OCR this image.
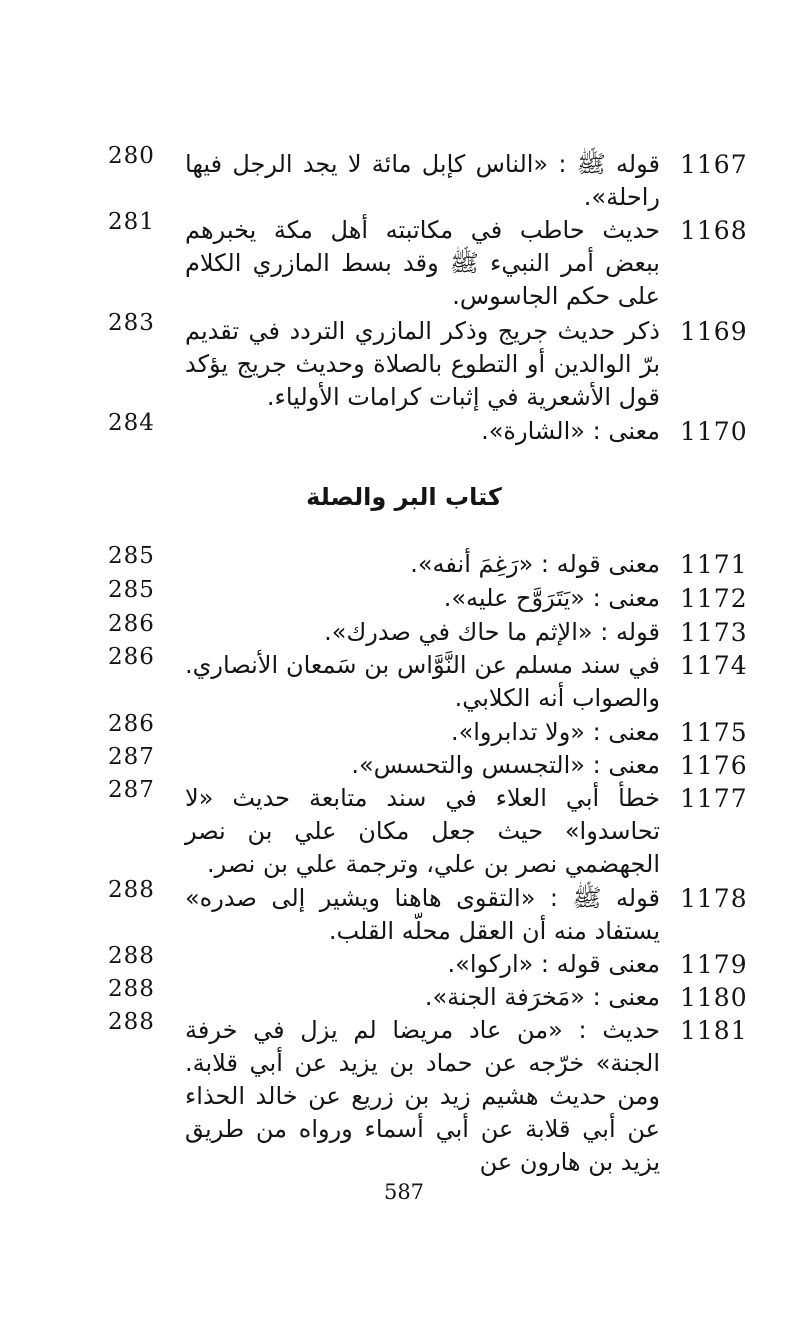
1167

قوله ﷺ : «الناس كإبل مائة لا يجد الرجل فيها راحلة».

280
1168

حديث حاطب في مكاتبته أهل مكة يخبرهم ببعض أمر النبيء ﷺ وقد بسط المازري الكلام على حكم الجاسوس.

281
1169

ذكر حديث جريج وذكر المازري التردد في تقديم برّ الوالدين أو التطوع بالصلاة وحديث جريج يؤكد قول الأشعرية في إثبات كرامات الأولياء.

283
1170

معنى : «الشارة».

284
كتاب البر والصلة
1171

معنى قوله : «رَغِمَ أنفه».

285
1172

معنى : «يَتَرَوَّح عليه».

285
1173

قوله : «الإثم ما حاك في صدرك».

286
1174

في سند مسلم عن النَّوَّاس بن سَمعان الأنصاري. والصواب أنه الكلابي.

286
1175

معنى : «ولا تدابروا».

286
1176

معنى : «التجسس والتحسس».

287
1177

خطأ أبي العلاء في سند متابعة حديث «لا تحاسدوا» حيث جعل مكان علي بن نصر الجهضمي نصر بن علي، وترجمة علي بن نصر.

287
1178

قوله ﷺ : «التقوى هاهنا ويشير إلى صدره» يستفاد منه أن العقل محلّه القلب.

288
1179

معنى قوله : «اركوا».

288
1180

معنى : «مَخرَفة الجنة».

288
1181

حديث : «من عاد مريضا لم يزل في خرفة الجنة» خرّجه عن حماد بن يزيد عن أبي قلابة. ومن حديث هشيم زيد بن زريع عن خالد الحذاء عن أبي قلابة عن أبي أسماء ورواه من طريق يزيد بن هارون عن

288
587
